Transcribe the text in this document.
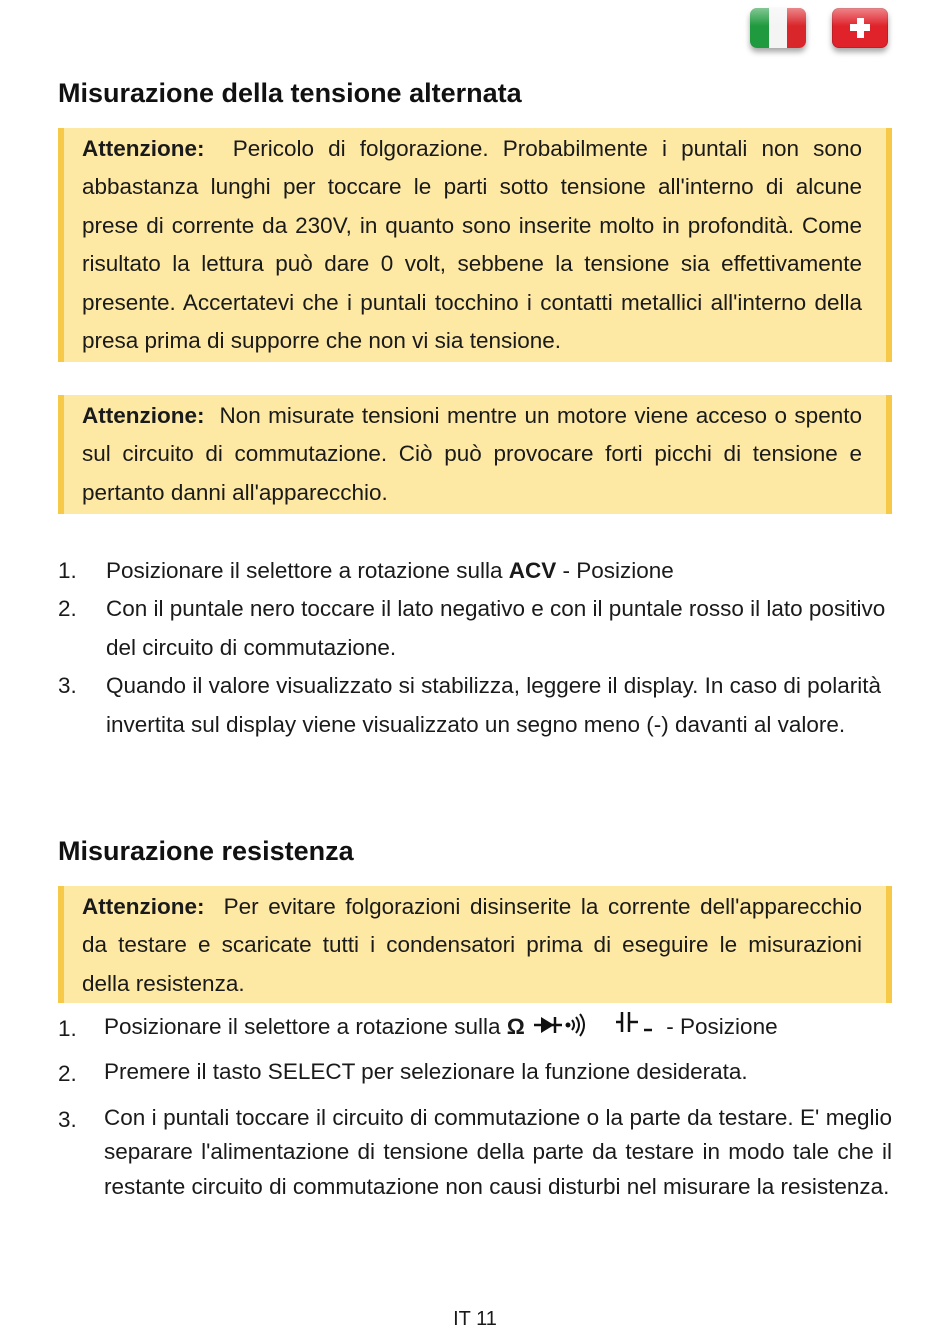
Misurazione della tensione alternata
Attenzione: Pericolo di folgorazione. Probabilmente i puntali non sono abbastanza lunghi per toccare le parti sotto tensione all'interno di alcune prese di corrente da 230V, in quanto sono inserite molto in profondità. Come risultato la lettura può dare 0 volt, sebbene la tensione sia effettivamente presente. Accertatevi che i puntali tocchino i contatti metallici all'interno della presa prima di supporre che non vi sia tensione.
Attenzione: Non misurate tensioni mentre un motore viene acceso o spento sul circuito di commutazione. Ciò può provocare forti picchi di tensione e pertanto danni all'apparecchio.
1.	Posizionare il selettore a rotazione sulla ACV - Posizione
2.	Con il puntale nero toccare il lato negativo e con il puntale rosso il lato positivo del circuito di commutazione.
3.	Quando il valore visualizzato si stabilizza, leggere il display. In caso di polarità invertita sul display viene visualizzato un segno meno (-) davanti al valore.
Misurazione resistenza
Attenzione: Per evitare folgorazioni disinserite la corrente dell'apparecchio da testare e scaricate tutti i condensatori prima di eseguire le misurazioni della resistenza.
1.	Posizionare il selettore a rotazione sulla Ω	- Posizione
2.	Premere il tasto SELECT per selezionare la funzione desiderata.
3.	Con i puntali toccare il circuito di commutazione o la parte da testare. E' meglio separare l'alimentazione di tensione della parte da testare in modo tale che il restante circuito di commutazione non causi disturbi nel misurare la resistenza.
IT 11
